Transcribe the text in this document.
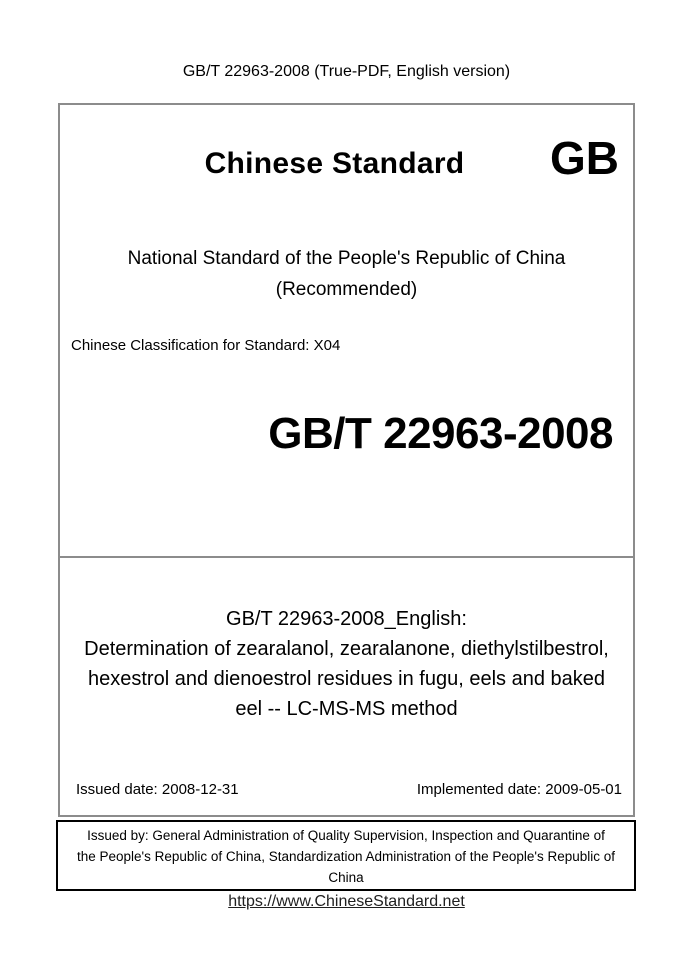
GB/T 22963-2008 (True-PDF, English version)
Chinese Standard	GB
National Standard of the People's Republic of China
(Recommended)
Chinese Classification for Standard: X04
GB/T 22963-2008
GB/T 22963-2008_English:
Determination of zearalanol, zearalanone, diethylstilbestrol,
hexestrol and dienoestrol residues in fugu, eels and baked
eel -- LC-MS-MS method
Issued date: 2008-12-31	Implemented date: 2009-05-01
Issued by: General Administration of Quality Supervision, Inspection and Quarantine of
the People's Republic of China, Standardization Administration of the People's Republic of
China
https://www.ChineseStandard.net
